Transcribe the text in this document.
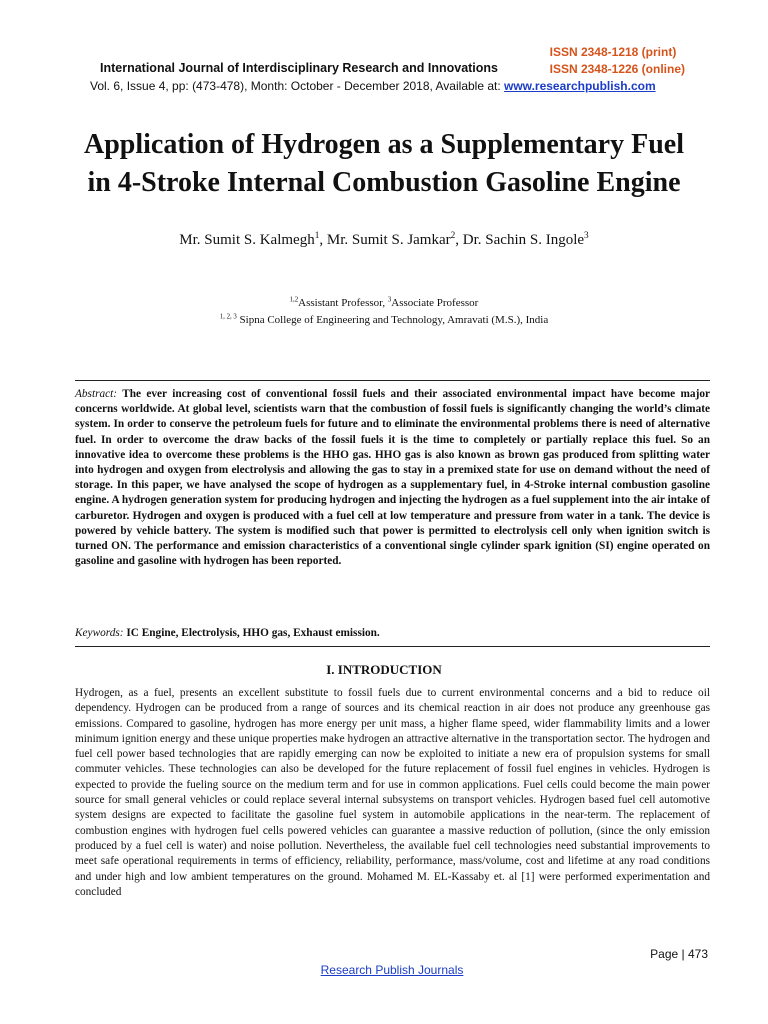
ISSN 2348-1218 (print)
ISSN 2348-1226 (online)
International Journal of Interdisciplinary Research and Innovations
Vol. 6, Issue 4, pp: (473-478), Month: October - December 2018, Available at: www.researchpublish.com
Application of Hydrogen as a Supplementary Fuel in 4-Stroke Internal Combustion Gasoline Engine
Mr. Sumit S. Kalmegh$^1$, Mr. Sumit S. Jamkar$^2$, Dr. Sachin S. Ingole$^3$
$^{1,2}$Assistant Professor, $^3$Associate Professor
$^{1, 2, 3}$ Sipna College of Engineering and Technology, Amravati (M.S.), India
Abstract: The ever increasing cost of conventional fossil fuels and their associated environmental impact have become major concerns worldwide. At global level, scientists warn that the combustion of fossil fuels is significantly changing the world’s climate system. In order to conserve the petroleum fuels for future and to eliminate the environmental problems there is need of alternative fuel. In order to overcome the draw backs of the fossil fuels it is the time to completely or partially replace this fuel. So an innovative idea to overcome these problems is the HHO gas. HHO gas is also known as brown gas produced from splitting water into hydrogen and oxygen from electrolysis and allowing the gas to stay in a premixed state for use on demand without the need of storage. In this paper, we have analysed the scope of hydrogen as a supplementary fuel, in 4-Stroke internal combustion gasoline engine. A hydrogen generation system for producing hydrogen and injecting the hydrogen as a fuel supplement into the air intake of carburetor. Hydrogen and oxygen is produced with a fuel cell at low temperature and pressure from water in a tank. The device is powered by vehicle battery. The system is modified such that power is permitted to electrolysis cell only when ignition switch is turned ON. The performance and emission characteristics of a conventional single cylinder spark ignition (SI) engine operated on gasoline and gasoline with hydrogen has been reported.
Keywords: IC Engine, Electrolysis, HHO gas, Exhaust emission.
I. INTRODUCTION
Hydrogen, as a fuel, presents an excellent substitute to fossil fuels due to current environmental concerns and a bid to reduce oil dependency. Hydrogen can be produced from a range of sources and its chemical reaction in air does not produce any greenhouse gas emissions. Compared to gasoline, hydrogen has more energy per unit mass, a higher flame speed, wider flammability limits and a lower minimum ignition energy and these unique properties make hydrogen an attractive alternative in the transportation sector. The hydrogen and fuel cell power based technologies that are rapidly emerging can now be exploited to initiate a new era of propulsion systems for small commuter vehicles. These technologies can also be developed for the future replacement of fossil fuel engines in vehicles. Hydrogen is expected to provide the fueling source on the medium term and for use in common applications. Fuel cells could become the main power source for small general vehicles or could replace several internal subsystems on transport vehicles. Hydrogen based fuel cell automotive system designs are expected to facilitate the gasoline fuel system in automobile applications in the near-term. The replacement of combustion engines with hydrogen fuel cells powered vehicles can guarantee a massive reduction of pollution, (since the only emission produced by a fuel cell is water) and noise pollution. Nevertheless, the available fuel cell technologies need substantial improvements to meet safe operational requirements in terms of efficiency, reliability, performance, mass/volume, cost and lifetime at any road conditions and under high and low ambient temperatures on the ground. Mohamed M. EL-Kassaby et. al [1] were performed experimentation and concluded
Page | 473
Research Publish Journals
